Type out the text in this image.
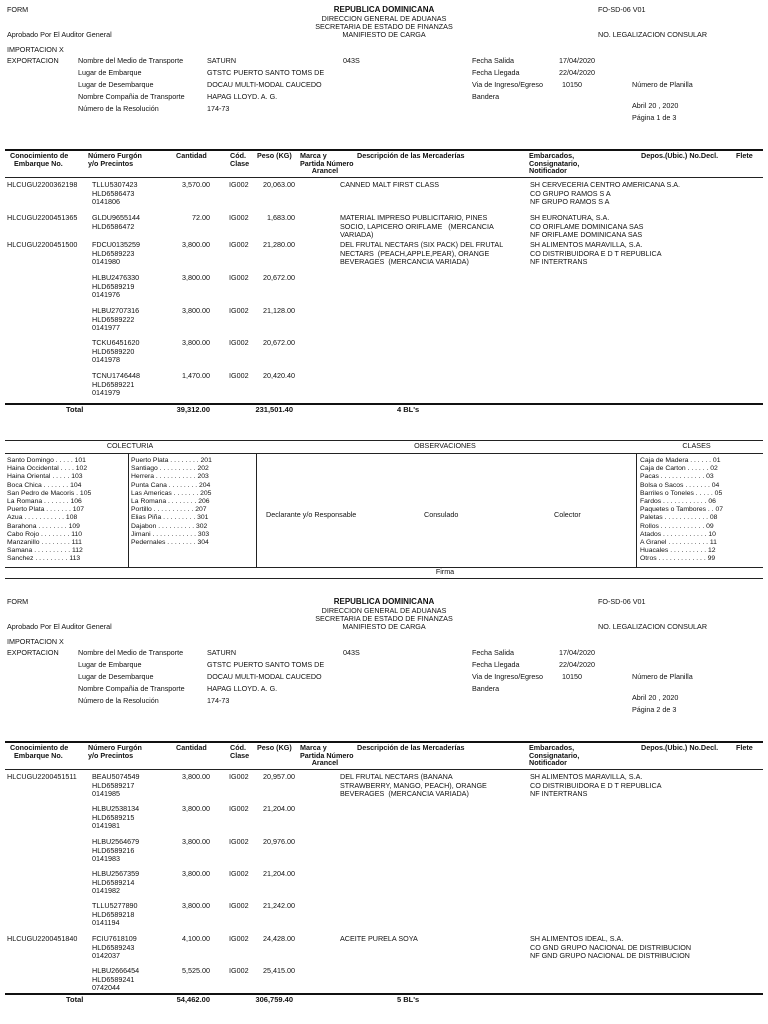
FORM
Aprobado Por El Auditor General
REPUBLICA DOMINICANA
DIRECCION GENERAL DE ADUANAS
SECRETARIA DE ESTADO DE FINANZAS
MANIFIESTO DE CARGA
FO-SD-06 V01
NO. LEGALIZACION CONSULAR
IMPORTACION X
EXPORTACION	Nombre del Medio de Transporte	SATURN	043S
Lugar de Embarque	GTSTC PUERTO SANTO TOMS DE
Lugar de Desembarque	DOCAU MULTI-MODAL CAUCEDO
Nombre Compañia de Transporte	HAPAG LLOYD. A. G.
Número de la Resolución	174-73
Fecha Salida	17/04/2020
Fecha Llegada	22/04/2020
Via de Ingreso/Egreso	10150	Número de Planilla
Bandera
Abril 20 , 2020
Página 1 de 3
Conocimiento de
Embarque No.
Número Furgón
y/o Precintos
Cantidad	Cód.
Clase
Peso (KG) Marca y
Partida Número
Arancel
Descripción de las Mercaderías	Embarcados,
Consignatario,
Notificador
Depos.(Ubic.) No.Decl. Flete
HLCUGU2200362198 TLLU5307423
HLD6586473
0141806
3,570.00	IG002	20,063.00	CANNED MALT FIRST CLASS	SH CERVECERIA CENTRO AMERICANA S.A.
CO GRUPO RAMOS S A
NF GRUPO RAMOS S A
HLCUGU2200451365 GLDU9655144
HLD6586472
72.00	IG002	1,683.00	MATERIAL IMPRESO PUBLICITARIO, PINES
SOCIO, LAPICERO ORIFLAME   (MERCANCIA
VARIADA)
SH EURONATURA, S.A.
CO ORIFLAME DOMINICANA SAS
NF ORIFLAME DOMINICANA SAS
HLCUGU2200451500 FDCU0135259
HLD6589223
0141980
3,800.00	IG002	21,280.00	DEL FRUTAL NECTARS (SIX PACK) DEL FRUTAL
NECTARS  (PEACH,APPLE,PEAR), ORANGE
BEVERAGES  (MERCANCIA VARIADA)
SH ALIMENTOS MARAVILLA, S.A.
CO DISTRIBUIDORA E D T REPUBLICA
NF INTERTRANS
HLBU2476330
HLD6589219
0141976
3,800.00	IG002	20,672.00
HLBU2707316
HLD6589222
0141977
3,800.00	IG002	21,128.00
TCKU6451620
HLD6589220
0141978
3,800.00	IG002	20,672.00
TCNU1746448
HLD6589221
0141979
1,470.00	IG002	20,420.40
Total	39,312.00	231,501.40	4 BL's
COLECTURIA	OBSERVACIONES	CLASES
Santo Domingo . . . . . 101
Haina Occidental . . . . 102
Haina Oriental . . . . . 103
Boca Chica . . . . . . . 104
San Pedro de Macoris . 105
La Romana . . . . . . . 106
Puerto Plata . . . . . . . 107
Azua . . . . . . . . . . . 108
Barahona . . . . . . . . 109
Cabo Rojo . . . . . . . . 110
Manzanillo . . . . . . . . 111
Samana . . . . . . . . . . 112
Sanchez . . . . . . . . . 113
Puerto Plata . . . . . . . . 201
Santiago . . . . . . . . . . 202
Herrera . . . . . . . . . . . 203
Punta Cana . . . . . . . . 204
Las Americas . . . . . . . 205
La Romana . . . . . . . . 206
Portillo . . . . . . . . . . . 207
Elias Piña . . . . . . . . . 301
Dajabon . . . . . . . . . . 302
Jimani . . . . . . . . . . . . 303
Pedernales . . . . . . . . 304
Caja de Madera . . . . . . 01
Caja de Carton . . . . . . 02
Pacas . . . . . . . . . . . . 03
Bolsa o Sacos . . . . . . . 04
Barriles o Toneles . . . . . 05
Fardos . . . . . . . . . . . . 06
Paquetes o Tambores . . 07
Paletas . . . . . . . . . . . . 08
Rollos . . . . . . . . . . . . 09
Atados . . . . . . . . . . . . 10
A Granel . . . . . . . . . . . 11
Huacales . . . . . . . . . . 12
Otros . . . . . . . . . . . . . 99
Declarante y/o Responsable	Consulado	Colector
Firma
FORM
Aprobado Por El Auditor General
REPUBLICA DOMINICANA
DIRECCION GENERAL DE ADUANAS
SECRETARIA DE ESTADO DE FINANZAS
MANIFIESTO DE CARGA
FO-SD-06 V01
NO. LEGALIZACION CONSULAR
IMPORTACION X
EXPORTACION	Nombre del Medio de Transporte	SATURN	043S
Lugar de Embarque	GTSTC PUERTO SANTO TOMS DE
Lugar de Desembarque	DOCAU MULTI-MODAL CAUCEDO
Nombre Compañia de Transporte	HAPAG LLOYD. A. G.
Número de la Resolución	174-73
Fecha Salida	17/04/2020
Fecha Llegada	22/04/2020
Via de Ingreso/Egreso	10150	Número de Planilla
Bandera
Abril 20 , 2020
Página 2 de 3
Conocimiento de
Embarque No.
Número Furgón
y/o Precintos
Cantidad	Cód.
Clase
Peso (KG) Marca y
Partida Número
Arancel
Descripción de las Mercaderías	Embarcados,
Consignatario,
Notificador
Depos.(Ubic.) No.Decl. Flete
HLCUGU2200451511 BEAU5074549
HLD6589217
0141985
3,800.00	IG002	20,957.00	DEL FRUTAL NECTARS (BANANA
STRAWBERRY, MANGO, PEACH), ORANGE
BEVERAGES  (MERCANCIA VARIADA)
SH ALIMENTOS MARAVILLA, S.A.
CO DISTRIBUIDORA E D T REPUBLICA
NF INTERTRANS
HLBU2538134
HLD6589215
0141981
3,800.00	IG002	21,204.00
HLBU2564679
HLD6589216
0141983
3,800.00	IG002	20,976.00
HLBU2567359
HLD6589214
0141982
3,800.00	IG002	21,204.00
TLLU5277890
HLD6589218
0141194
3,800.00	IG002	21,242.00
HLCUGU2200451840 FCIU7618109
HLD6589243
0142037
4,100.00	IG002	24,428.00	ACEITE PURELA SOYA	SH ALIMENTOS IDEAL, S.A.
CO GND GRUPO NACIONAL DE DISTRIBUCION
NF GND GRUPO NACIONAL DE DISTRIBUCION
HLBU2666454
HLD6589241
0742044
5,525.00	IG002	25,415.00
Total	54,462.00	306,759.40	5 BL's
